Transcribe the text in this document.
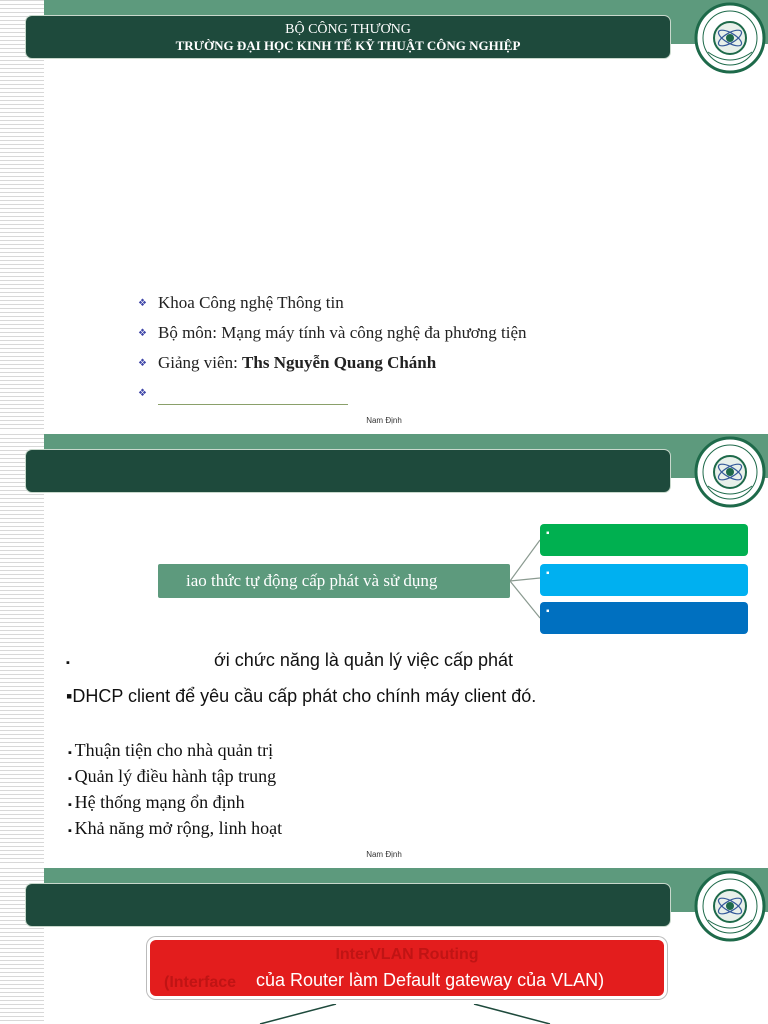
BỘ CÔNG THƯƠNG
TRƯỜNG ĐẠI HỌC KINH TẾ KỸ THUẬT CÔNG NGHIỆP
❖ Khoa Công nghệ Thông tin
❖ Bộ môn: Mạng máy tính và công nghệ đa phương tiện
❖ Giảng viên: Ths Nguyễn Quang Chánh
❖
Nam Định
iao thức tự động cấp phát và sử dụng
▪
▪
▪
▪	ới chức năng là quản lý việc cấp phát
▪DHCP client để yêu cầu cấp phát cho chính máy client đó.
▪ Thuận tiện cho nhà quản trị
▪ Quản lý điều hành tập trung
▪ Hệ thống mạng ổn định
▪ Khả năng mở rộng, linh hoạt
Nam Định
InterVLAN Routing
(Interface của Router làm Default gateway của VLAN)
